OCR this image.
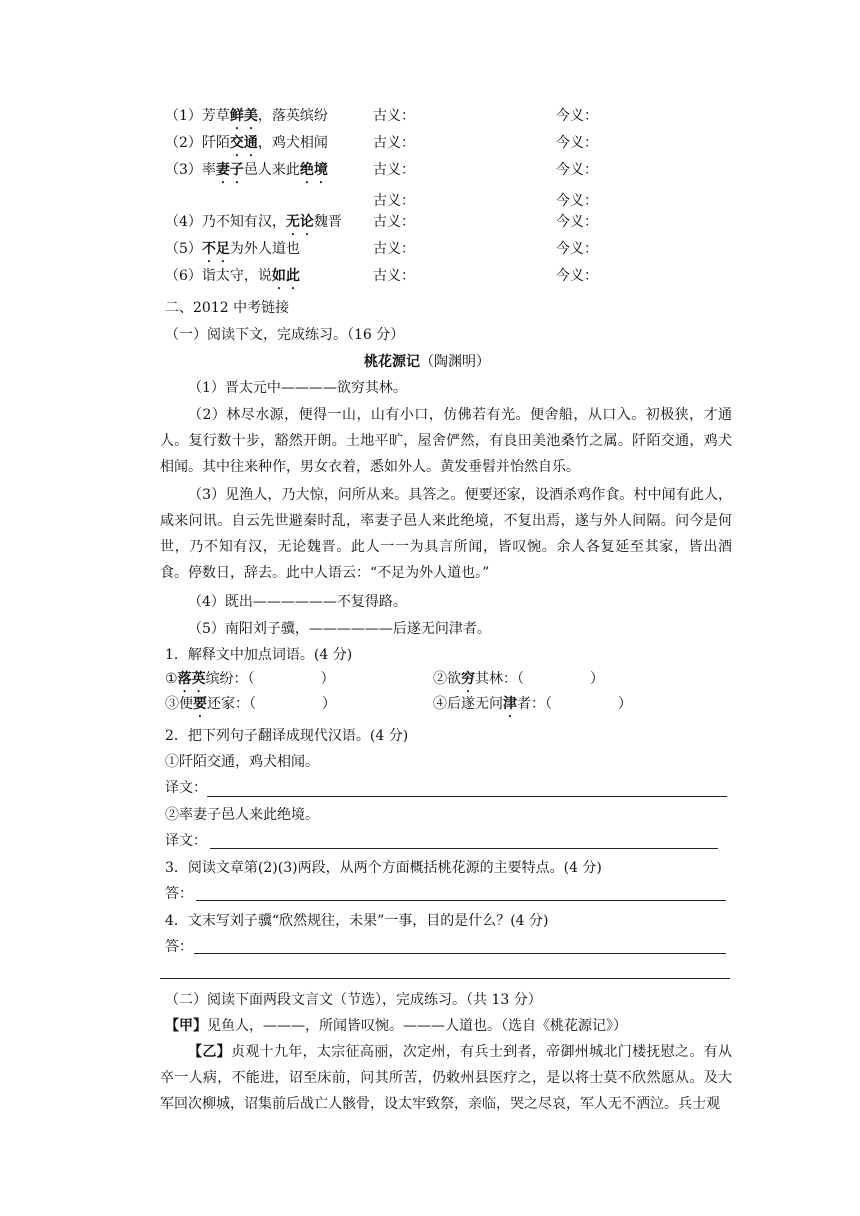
（1）芳草鲜美，落英缤纷	古义：	今义：
（2）阡陌交通，鸡犬相闻	古义：	今义：
（3）率妻子邑人来此绝境	古义：	今义：
古义：	今义：
（4）乃不知有汉，无论魏晋 古义：	今义：
（5）不足为外人道也	古义：	今义：
（6）诣太守，说如此	古义：	今义：
二、2012 中考链接
（一）阅读下文，完成练习。（16 分）
桃花源记（陶渊明）
（1）晋太元中————欲穷其林。
（2）林尽水源，便得一山，山有小口，仿佛若有光。便舍船，从口入。初极狭，才通人。复行数十步，豁然开朗。土地平旷，屋舍俨然，有良田美池桑竹之属。阡陌交通，鸡犬相闻。其中往来种作，男女衣着，悉如外人。黄发垂髫并怡然自乐。
（3）见渔人，乃大惊，问所从来。具答之。便要还家，设酒杀鸡作食。村中闻有此人，咸来问讯。自云先世避秦时乱，率妻子邑人来此绝境，不复出焉，遂与外人间隔。问今是何世，乃不知有汉，无论魏晋。此人一一为具言所闻，皆叹惋。余人各复延至其家，皆出酒食。停数日，辞去。此中人语云：“不足为外人道也。”
（4）既出——————不复得路。
（5）南阳刘子骥，——————后遂无问津者。
1．解释文中加点词语。(4 分)
①落英缤纷：（	）	②欲穷其林：（	）
③便要还家：（	）	④后遂无问津者：（	）
2．把下列句子翻译成现代汉语。(4 分)
①阡陌交通，鸡犬相闻。
译文：
②率妻子邑人来此绝境。
译文：
3．阅读文章第(2)(3)两段，从两个方面概括桃花源的主要特点。(4 分)
答：
4．文末写刘子骥“欣然规往，未果”一事，目的是什么？(4 分)
答：
（二）阅读下面两段文言文（节选），完成练习。（共 13 分）
【甲】见鱼人，———，所闻皆叹惋。———人道也。（选自《桃花源记》）
【乙】贞观十九年，太宗征高丽，次定州，有兵士到者，帝御州城北门楼抚慰之。有从卒一人病，不能进，诏至床前，问其所苦，仍敕州县医疗之，是以将士莫不欣然愿从。及大军回次柳城，诏集前后战亡人骸骨，设太牢致祭，亲临，哭之尽哀，军人无不洒泣。兵士观
